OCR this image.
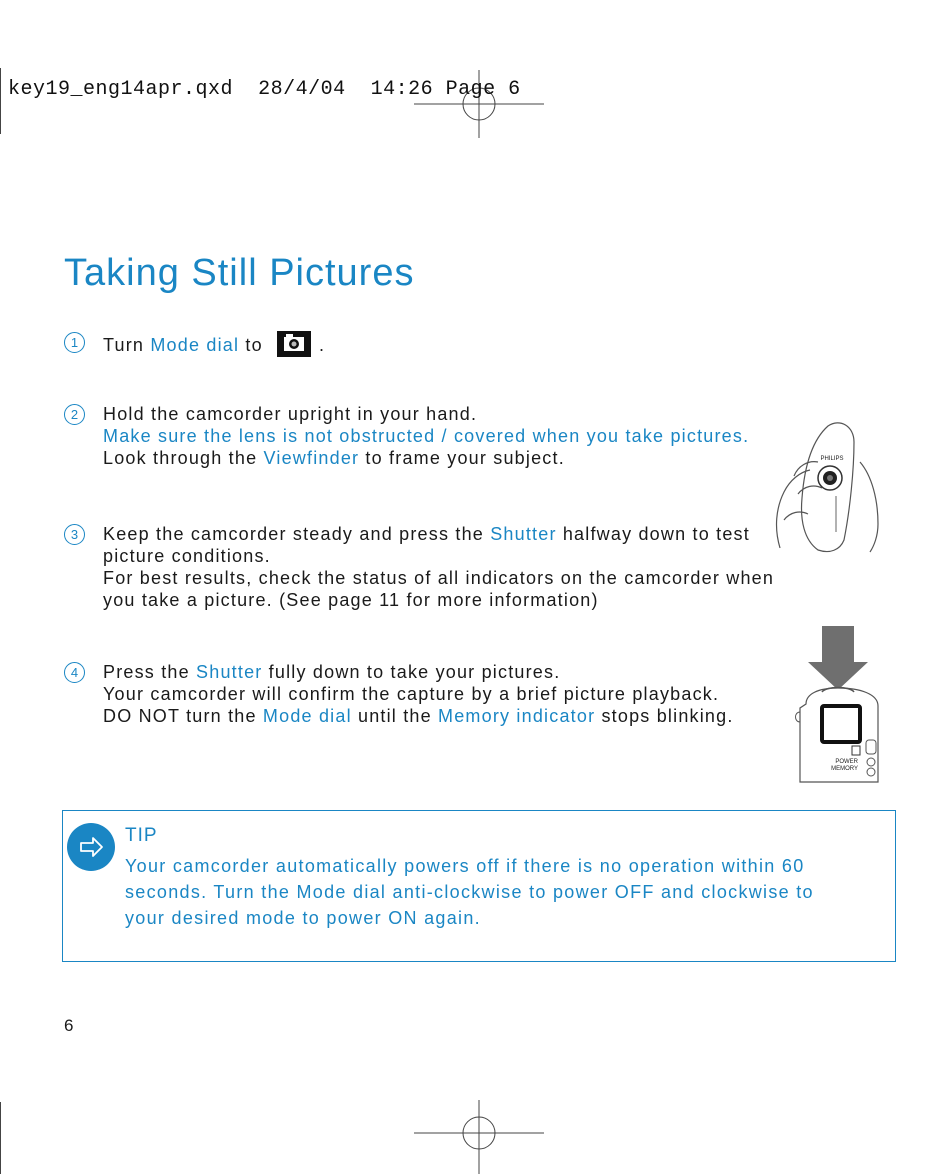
key19_eng14apr.qxd 28/4/04 14:26 Page 6
Taking Still Pictures
1	Turn Mode dial to	.
2	Hold the camcorder upright in your hand.
Make sure the lens is not obstructed / covered when you take pictures.
Look through the Viewfinder to frame your subject.
3	Keep the camcorder steady and press the Shutter halfway down to test
picture conditions.
For best results, check the status of all indicators on the camcorder when
you take a picture. (See page 11 for more information)
4	Press the Shutter fully down to take your pictures.
Your camcorder will confirm the capture by a brief picture playback.
DO NOT turn the Mode dial until the Memory indicator stops blinking.
PHILIPS
POWER
MEMORY
TIP
Your camcorder automatically powers off if there is no operation within 60
seconds. Turn the Mode dial anti-clockwise to power OFF and clockwise to
your desired mode to power ON again.
6
